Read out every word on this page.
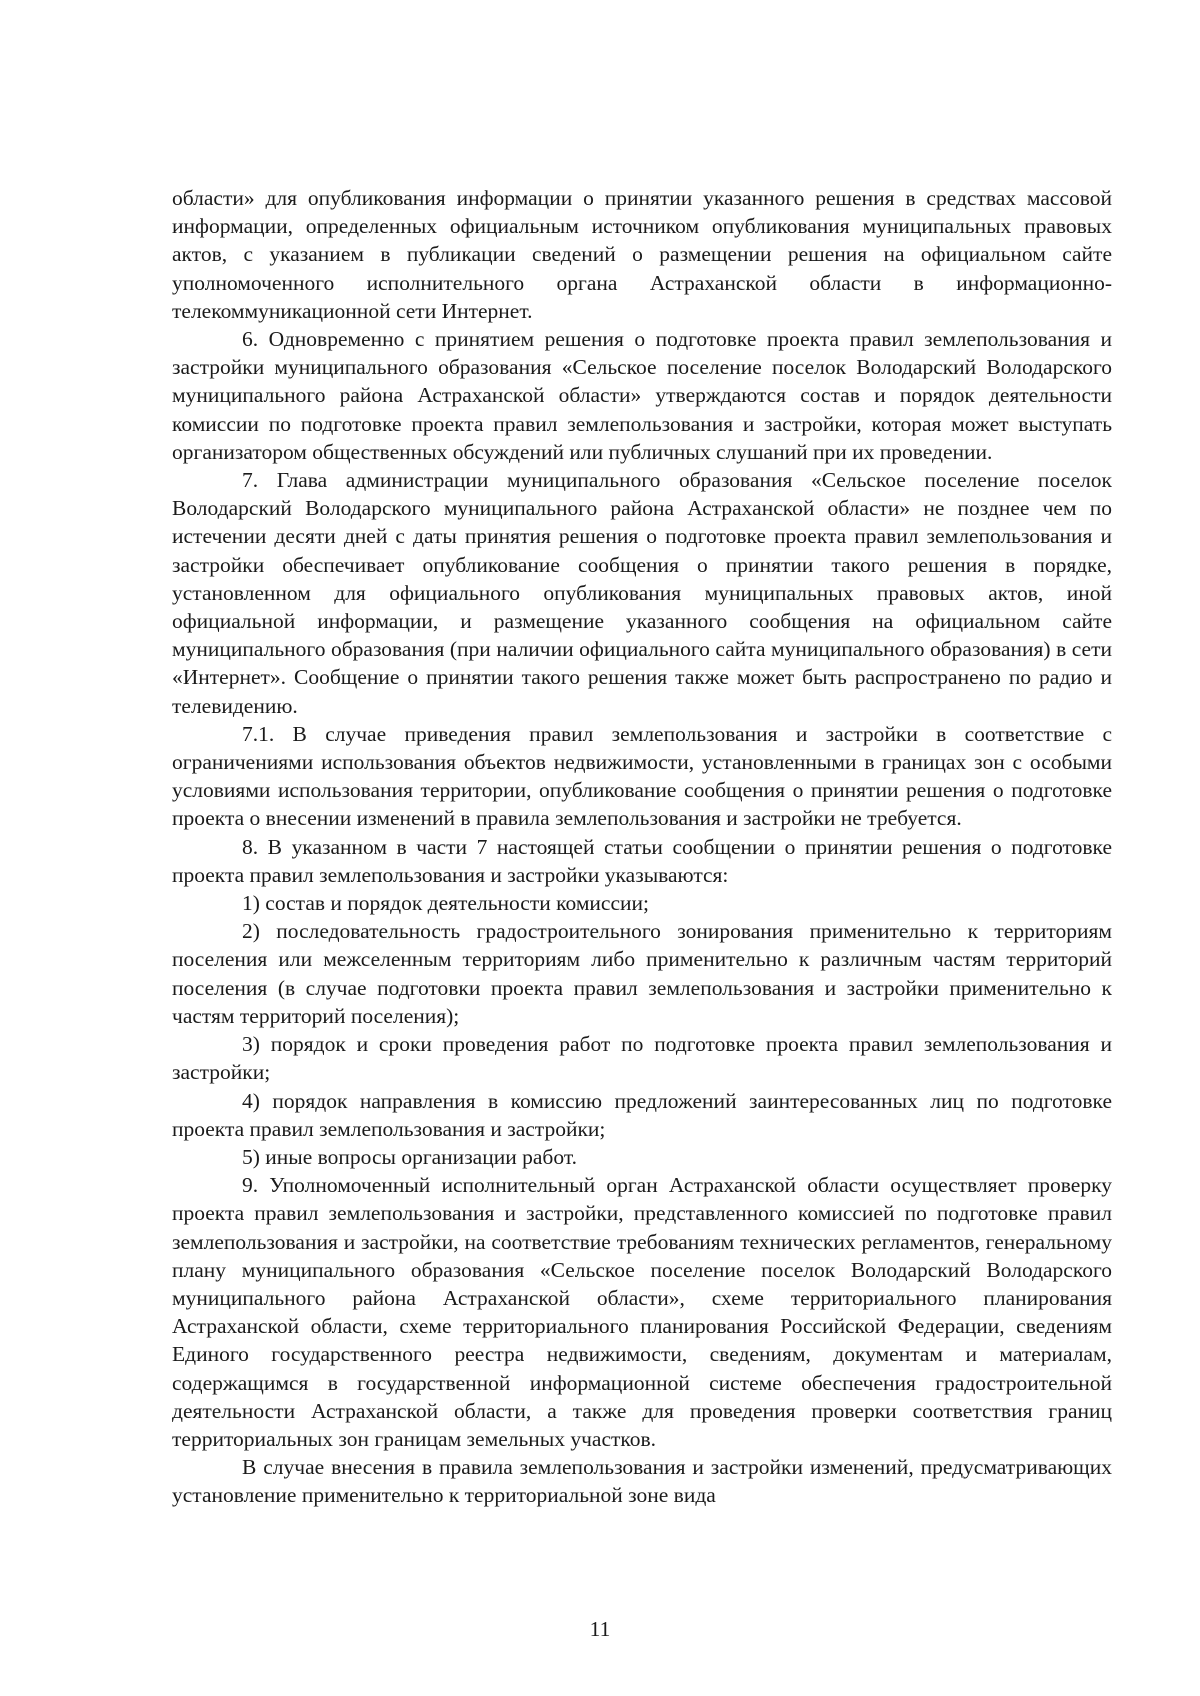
области» для опубликования информации о принятии указанного решения в средствах массовой информации, определенных официальным источником опубликования муниципальных правовых актов, с указанием в публикации сведений о размещении решения на официальном сайте уполномоченного исполнительного органа Астраханской области в информационно-телекоммуникационной сети Интернет.

6. Одновременно с принятием решения о подготовке проекта правил землепользования и застройки муниципального образования «Сельское поселение поселок Володарский Володарского муниципального района Астраханской области» утверждаются состав и порядок деятельности комиссии по подготовке проекта правил землепользования и застройки, которая может выступать организатором общественных обсуждений или публичных слушаний при их проведении.

7. Глава администрации муниципального образования «Сельское поселение поселок Володарский Володарского муниципального района Астраханской области» не позднее чем по истечении десяти дней с даты принятия решения о подготовке проекта правил землепользования и застройки обеспечивает опубликование сообщения о принятии такого решения в порядке, установленном для официального опубликования муниципальных правовых актов, иной официальной информации, и размещение указанного сообщения на официальном сайте муниципального образования (при наличии официального сайта муниципального образования) в сети «Интернет». Сообщение о принятии такого решения также может быть распространено по радио и телевидению.

7.1. В случае приведения правил землепользования и застройки в соответствие с ограничениями использования объектов недвижимости, установленными в границах зон с особыми условиями использования территории, опубликование сообщения о принятии решения о подготовке проекта о внесении изменений в правила землепользования и застройки не требуется.

8. В указанном в части 7 настоящей статьи сообщении о принятии решения о подготовке проекта правил землепользования и застройки указываются:

1) состав и порядок деятельности комиссии;

2) последовательность градостроительного зонирования применительно к территориям поселения или межселенным территориям либо применительно к различным частям территорий поселения (в случае подготовки проекта правил землепользования и застройки применительно к частям территорий поселения);

3) порядок и сроки проведения работ по подготовке проекта правил землепользования и застройки;

4) порядок направления в комиссию предложений заинтересованных лиц по подготовке проекта правил землепользования и застройки;

5) иные вопросы организации работ.

9. Уполномоченный исполнительный орган Астраханской области осуществляет проверку проекта правил землепользования и застройки, представленного комиссией по подготовке правил землепользования и застройки, на соответствие требованиям технических регламентов, генеральному плану муниципального образования «Сельское поселение поселок Володарский Володарского муниципального района Астраханской области», схеме территориального планирования Астраханской области, схеме территориального планирования Российской Федерации, сведениям Единого государственного реестра недвижимости, сведениям, документам и материалам, содержащимся в государственной информационной системе обеспечения градостроительной деятельности Астраханской области, а также для проведения проверки соответствия границ территориальных зон границам земельных участков.

В случае внесения в правила землепользования и застройки изменений, предусматривающих установление применительно к территориальной зоне вида

11
